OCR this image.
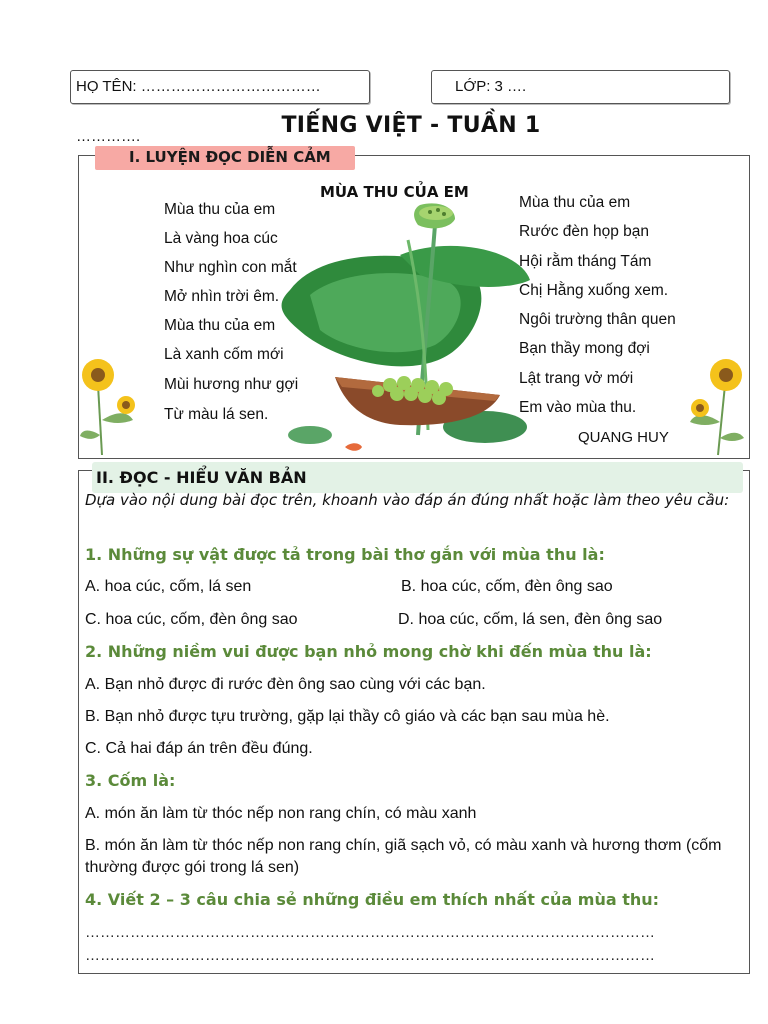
HỌ TÊN: ………………………………
………….
LỚP: 3 ….
I. LUYỆN ĐỌC DIỄN CẢM
TIẾNG VIỆT - TUẦN 1
MÙA THU CỦA EM
Mùa thu của em
Là vàng hoa cúc
Như nghìn con mắt
Mở nhìn trời êm.
Mùa thu của em
Là xanh cốm mới
Mùi hương như gợi
Từ màu lá sen.
Mùa thu của em
Rước đèn họp bạn
Hội rằm tháng Tám
Chị Hằng xuống xem.
Ngôi trường thân quen
Bạn thầy mong đợi
Lật trang vở mới
Em vào mùa thu.
QUANG HUY
II. ĐỌC - HIỂU VĂN BẢN
Dựa vào nội dung bài đọc trên, khoanh vào đáp án đúng nhất hoặc làm theo yêu cầu:
1. Những sự vật được tả trong bài thơ gắn với mùa thu là:
A. hoa cúc, cốm, lá sen	B. hoa cúc, cốm, đèn ông sao
C. hoa cúc, cốm, đèn ông sao	D. hoa cúc, cốm, lá sen, đèn ông sao
2. Những niềm vui được bạn nhỏ mong chờ khi đến mùa thu là:
A. Bạn nhỏ được đi rước đèn ông sao cùng với các bạn.
B. Bạn nhỏ được tựu trường, gặp lại thầy cô giáo và các bạn sau mùa hè.
C. Cả hai đáp án trên đều đúng.
3. Cốm là:
A. món ăn làm từ thóc nếp non rang chín, có màu xanh
B. món ăn làm từ thóc nếp non rang chín, giã sạch vỏ, có màu xanh và hương thơm (cốm thường được gói trong lá sen)
4. Viết 2 – 3 câu chia sẻ những điều em thích nhất của mùa thu:
……………………………………………………………………………………………………
……………………………………………………………………………………………………
